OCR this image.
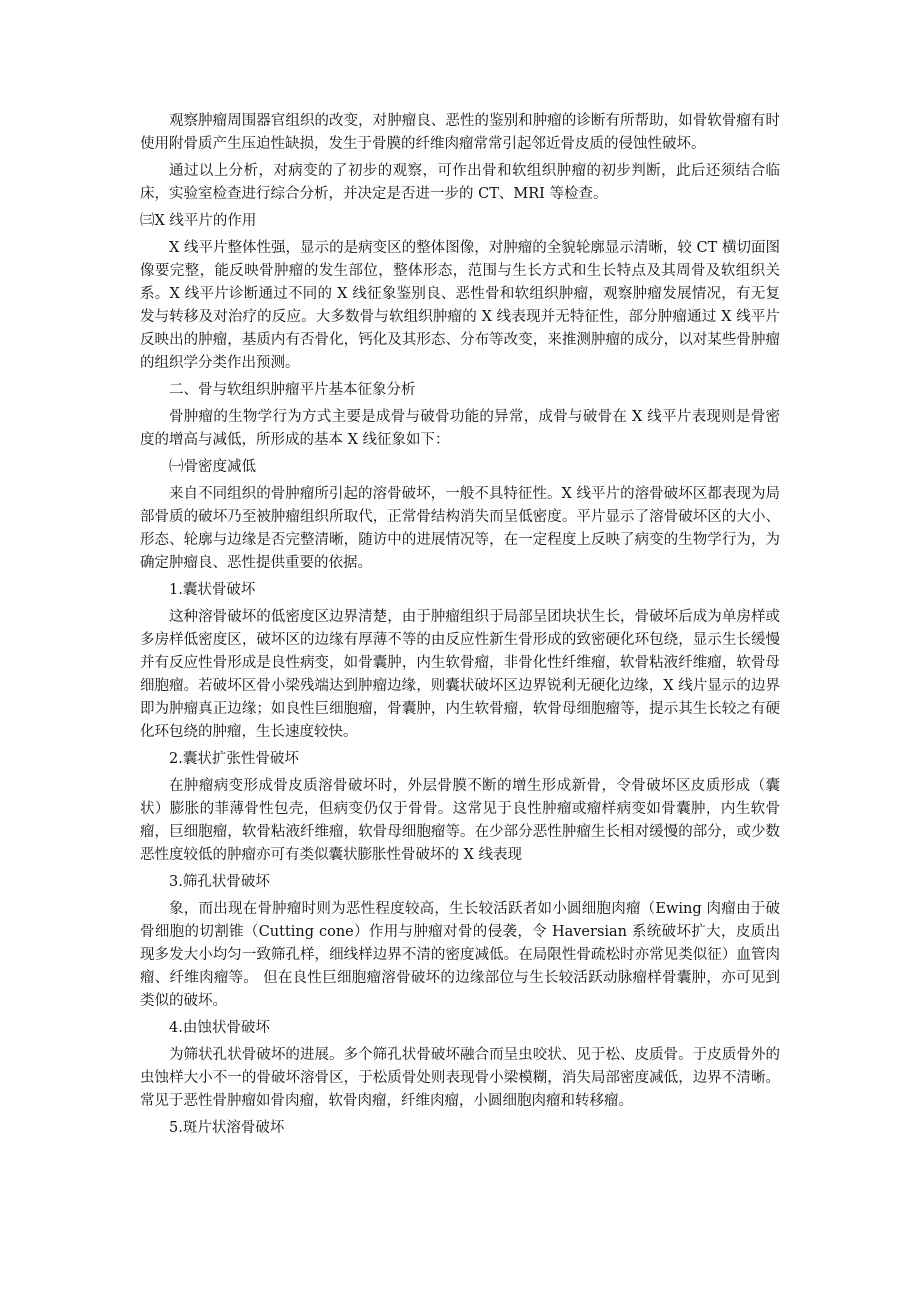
观察肿瘤周围器官组织的改变，对肿瘤良、恶性的鉴别和肿瘤的诊断有所帮助，如骨软骨瘤有时使用附骨质产生压迫性缺损，发生于骨膜的纤维肉瘤常常引起邻近骨皮质的侵蚀性破坏。

通过以上分析，对病变的了初步的观察，可作出骨和软组织肿瘤的初步判断，此后还须结合临床，实验室检查进行综合分析，并决定是否进一步的 CT、MRI 等检查。

㈢X 线平片的作用

X 线平片整体性强，显示的是病变区的整体图像，对肿瘤的全貌轮廓显示清晰，较 CT 横切面图像要完整，能反映骨肿瘤的发生部位，整体形态，范围与生长方式和生长特点及其周骨及软组织关系。X 线平片诊断通过不同的 X 线征象鉴别良、恶性骨和软组织肿瘤，观察肿瘤发展情况，有无复发与转移及对治疗的反应。大多数骨与软组织肿瘤的 X 线表现并无特征性，部分肿瘤通过 X 线平片反映出的肿瘤，基质内有否骨化，钙化及其形态、分布等改变，来推测肿瘤的成分，以对某些骨肿瘤的组织学分类作出预测。

二、骨与软组织肿瘤平片基本征象分析

骨肿瘤的生物学行为方式主要是成骨与破骨功能的异常，成骨与破骨在 X 线平片表现则是骨密度的增高与减低，所形成的基本 X 线征象如下：

㈠骨密度减低

来自不同组织的骨肿瘤所引起的溶骨破坏，一般不具特征性。X 线平片的溶骨破坏区都表现为局部骨质的破坏乃至被肿瘤组织所取代，正常骨结构消失而呈低密度。平片显示了溶骨破坏区的大小、形态、轮廓与边缘是否完整清晰，随访中的进展情况等，在一定程度上反映了病变的生物学行为，为确定肿瘤良、恶性提供重要的依据。

1.囊状骨破坏

这种溶骨破坏的低密度区边界清楚，由于肿瘤组织于局部呈团块状生长，骨破坏后成为单房样或多房样低密度区，破坏区的边缘有厚薄不等的由反应性新生骨形成的致密硬化环包绕，显示生长缓慢并有反应性骨形成是良性病变，如骨囊肿，内生软骨瘤，非骨化性纤维瘤，软骨粘液纤维瘤，软骨母细胞瘤。若破坏区骨小梁残端达到肿瘤边缘，则囊状破坏区边界锐利无硬化边缘，X 线片显示的边界即为肿瘤真正边缘；如良性巨细胞瘤，骨囊肿，内生软骨瘤，软骨母细胞瘤等，提示其生长较之有硬化环包绕的肿瘤，生长速度较快。

2.囊状扩张性骨破坏

在肿瘤病变形成骨皮质溶骨破坏时，外层骨膜不断的增生形成新骨，令骨破坏区皮质形成（囊状）膨胀的菲薄骨性包壳，但病变仍仅于骨骨。这常见于良性肿瘤或瘤样病变如骨囊肿，内生软骨瘤，巨细胞瘤，软骨粘液纤维瘤，软骨母细胞瘤等。在少部分恶性肿瘤生长相对缓慢的部分，或少数恶性度较低的肿瘤亦可有类似囊状膨胀性骨破坏的 X 线表现

3.筛孔状骨破坏

象，而出现在骨肿瘤时则为恶性程度较高，生长较活跃者如小圆细胞肉瘤（Ewing 肉瘤由于破骨细胞的切割锥（Cutting cone）作用与肿瘤对骨的侵袭，令 Haversian 系统破坏扩大，皮质出现多发大小均匀一致筛孔样，细线样边界不清的密度减低。在局限性骨疏松时亦常见类似征）血管肉瘤、纤维肉瘤等。 但在良性巨细胞瘤溶骨破坏的边缘部位与生长较活跃动脉瘤样骨囊肿，亦可见到类似的破坏。

4.由蚀状骨破坏

为筛状孔状骨破坏的进展。多个筛孔状骨破坏融合而呈虫咬状、见于松、皮质骨。于皮质骨外的虫蚀样大小不一的骨破坏溶骨区，于松质骨处则表现骨小梁模糊，消失局部密度减低，边界不清晰。常见于恶性骨肿瘤如骨肉瘤，软骨肉瘤，纤维肉瘤，小圆细胞肉瘤和转移瘤。

5.斑片状溶骨破坏
